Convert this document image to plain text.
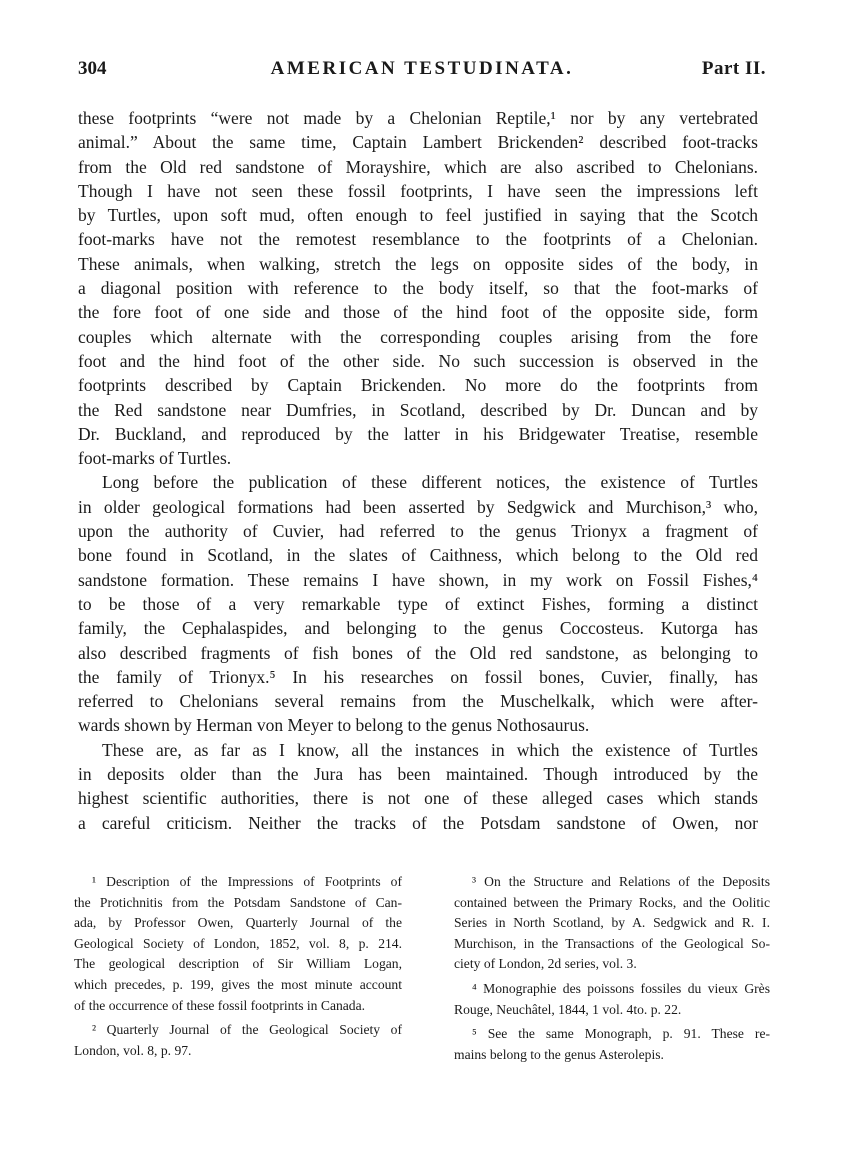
304	AMERICAN TESTUDINATA.	Part II.
these footprints “were not made by a Chelonian Reptile,¹ nor by any vertebrated
animal.” About the same time, Captain Lambert Brickenden² described foot-tracks
from the Old red sandstone of Morayshire, which are also ascribed to Chelonians.
Though I have not seen these fossil footprints, I have seen the impressions left
by Turtles, upon soft mud, often enough to feel justified in saying that the Scotch
foot-marks have not the remotest resemblance to the footprints of a Chelonian.
These animals, when walking, stretch the legs on opposite sides of the body, in
a diagonal position with reference to the body itself, so that the foot-marks of
the fore foot of one side and those of the hind foot of the opposite side, form
couples which alternate with the corresponding couples arising from the fore
foot and the hind foot of the other side. No such succession is observed in the
footprints described by Captain Brickenden. No more do the footprints from
the Red sandstone near Dumfries, in Scotland, described by Dr. Duncan and by
Dr. Buckland, and reproduced by the latter in his Bridgewater Treatise, resemble
foot-marks of Turtles.
Long before the publication of these different notices, the existence of Turtles
in older geological formations had been asserted by Sedgwick and Murchison,³ who,
upon the authority of Cuvier, had referred to the genus Trionyx a fragment of
bone found in Scotland, in the slates of Caithness, which belong to the Old red
sandstone formation. These remains I have shown, in my work on Fossil Fishes,⁴
to be those of a very remarkable type of extinct Fishes, forming a distinct
family, the Cephalaspides, and belonging to the genus Coccosteus. Kutorga has
also described fragments of fish bones of the Old red sandstone, as belonging to
the family of Trionyx.⁵ In his researches on fossil bones, Cuvier, finally, has
referred to Chelonians several remains from the Muschelkalk, which were after-
wards shown by Herman von Meyer to belong to the genus Nothosaurus.
These are, as far as I know, all the instances in which the existence of Turtles
in deposits older than the Jura has been maintained. Though introduced by the
highest scientific authorities, there is not one of these alleged cases which stands
a careful criticism. Neither the tracks of the Potsdam sandstone of Owen, nor
¹ Description of the Impressions of Footprints of
the Protichnitis from the Potsdam Sandstone of Can-
ada, by Professor Owen, Quarterly Journal of the
Geological Society of London, 1852, vol. 8, p. 214.
The geological description of Sir William Logan,
which precedes, p. 199, gives the most minute account
of the occurrence of these fossil footprints in Canada.
² Quarterly Journal of the Geological Society of
London, vol. 8, p. 97.
³ On the Structure and Relations of the Deposits
contained between the Primary Rocks, and the Oolitic
Series in North Scotland, by A. Sedgwick and R. I.
Murchison, in the Transactions of the Geological So-
ciety of London, 2d series, vol. 3.
⁴ Monographie des poissons fossiles du vieux Grès
Rouge, Neuchâtel, 1844, 1 vol. 4to. p. 22.
⁵ See the same Monograph, p. 91. These re-
mains belong to the genus Asterolepis.
